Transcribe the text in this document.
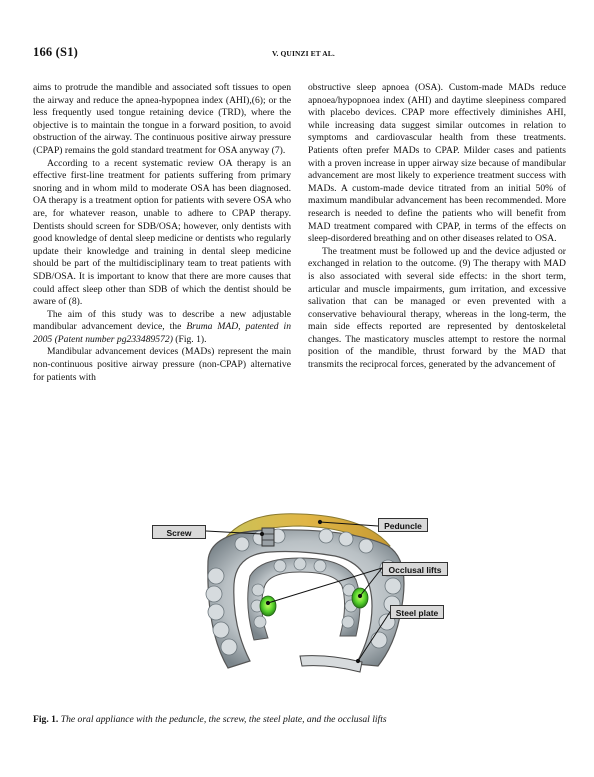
166 (S1)	V. QUINZI ET AL.

aims to protrude the mandible and associated soft tissues to open the airway and reduce the apnea-hypopnea index (AHI),(6); or the less frequently used tongue retaining device (TRD), where the objective is to maintain the tongue in a forward position, to avoid obstruction of the airway. The continuous positive airway pressure (CPAP) remains the gold standard treatment for OSA anyway (7).

According to a recent systematic review OA therapy is an effective first-line treatment for patients suffering from primary snoring and in whom mild to moderate OSA has been diagnosed. OA therapy is a treatment option for patients with severe OSA who are, for whatever reason, unable to adhere to CPAP therapy. Dentists should screen for SDB/OSA; however, only dentists with good knowledge of dental sleep medicine or dentists who regularly update their knowledge and training in dental sleep medicine should be part of the multidisciplinary team to treat patients with SDB/OSA. It is important to know that there are more causes that could affect sleep other than SDB of which the dentist should be aware of (8).

The aim of this study was to describe a new adjustable mandibular advancement device, the Bruma MAD, patented in 2005 (Patent number pg233489572) (Fig. 1).

Mandibular advancement devices (MADs) represent the main non-continuous positive airway pressure (non-CPAP) alternative for patients with

obstructive sleep apnoea (OSA). Custom-made MADs reduce apnoea/hypopnoea index (AHI) and daytime sleepiness compared with placebo devices. CPAP more effectively diminishes AHI, while increasing data suggest similar outcomes in relation to symptoms and cardiovascular health from these treatments. Patients often prefer MADs to CPAP. Milder cases and patients with a proven increase in upper airway size because of mandibular advancement are most likely to experience treatment success with MADs. A custom-made device titrated from an initial 50% of maximum mandibular advancement has been recommended. More research is needed to define the patients who will benefit from MAD treatment compared with CPAP, in terms of the effects on sleep-disordered breathing and on other diseases related to OSA.

The treatment must be followed up and the device adjusted or exchanged in relation to the outcome. (9) The therapy with MAD is also associated with several side effects: in the short term, articular and muscle impairments, gum irritation, and excessive salivation that can be managed or even prevented with a conservative behavioural therapy, whereas in the long-term, the main side effects reported are represented by dentoskeletal changes. The masticatory muscles attempt to restore the normal position of the mandible, thrust forward by the MAD that transmits the reciprocal forces, generated by the advancement of

Screw
Peduncle
Occlusal lifts
Steel plate
Fig. 1. The oral appliance with the peduncle, the screw, the steel plate, and the occlusal lifts
